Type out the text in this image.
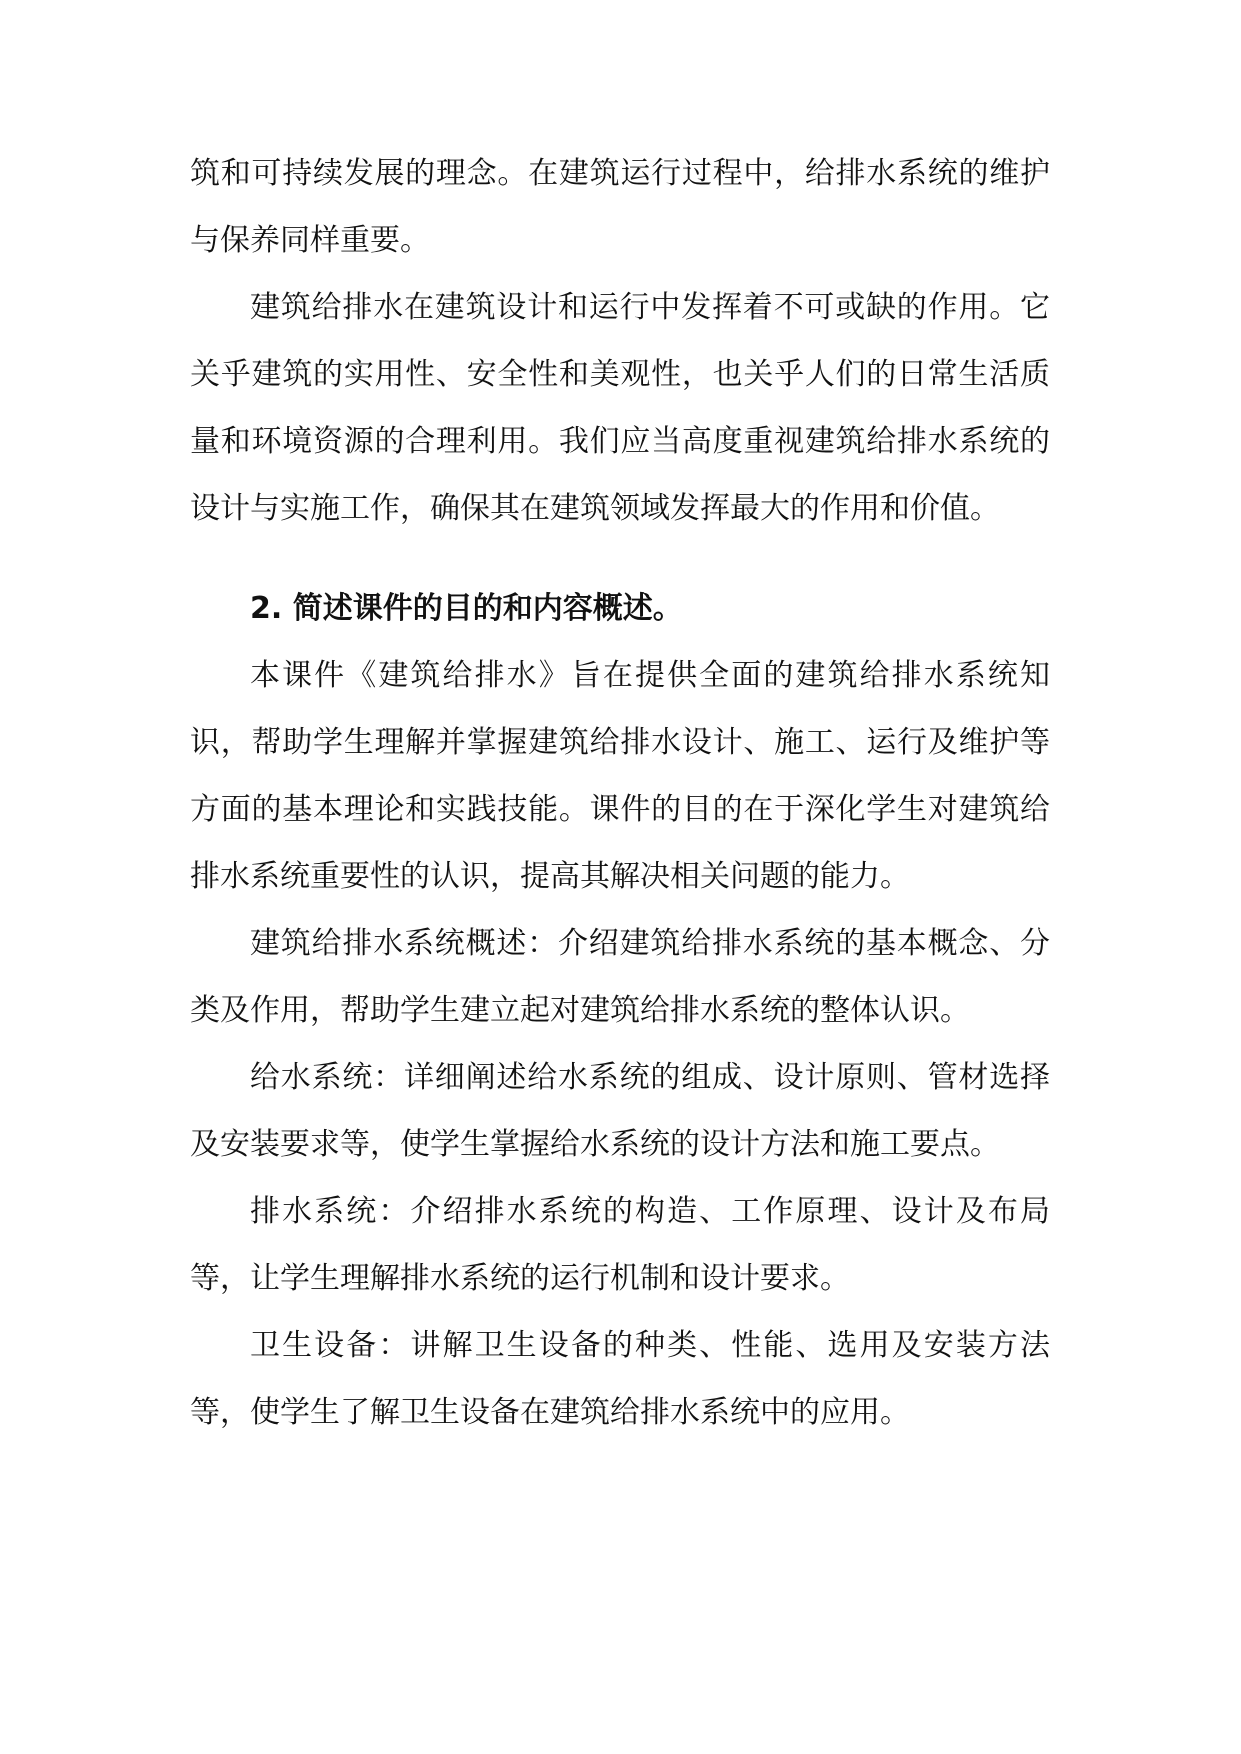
筑和可持续发展的理念。在建筑运行过程中，给排水系统的维护与保养同样重要。

建筑给排水在建筑设计和运行中发挥着不可或缺的作用。它关乎建筑的实用性、安全性和美观性，也关乎人们的日常生活质量和环境资源的合理利用。我们应当高度重视建筑给排水系统的设计与实施工作，确保其在建筑领域发挥最大的作用和价值。

2. 简述课件的目的和内容概述。

本课件《建筑给排水》旨在提供全面的建筑给排水系统知识，帮助学生理解并掌握建筑给排水设计、施工、运行及维护等方面的基本理论和实践技能。课件的目的在于深化学生对建筑给排水系统重要性的认识，提高其解决相关问题的能力。

建筑给排水系统概述：介绍建筑给排水系统的基本概念、分类及作用，帮助学生建立起对建筑给排水系统的整体认识。

给水系统：详细阐述给水系统的组成、设计原则、管材选择及安装要求等，使学生掌握给水系统的设计方法和施工要点。

排水系统：介绍排水系统的构造、工作原理、设计及布局等，让学生理解排水系统的运行机制和设计要求。

卫生设备：讲解卫生设备的种类、性能、选用及安装方法等，使学生了解卫生设备在建筑给排水系统中的应用。
